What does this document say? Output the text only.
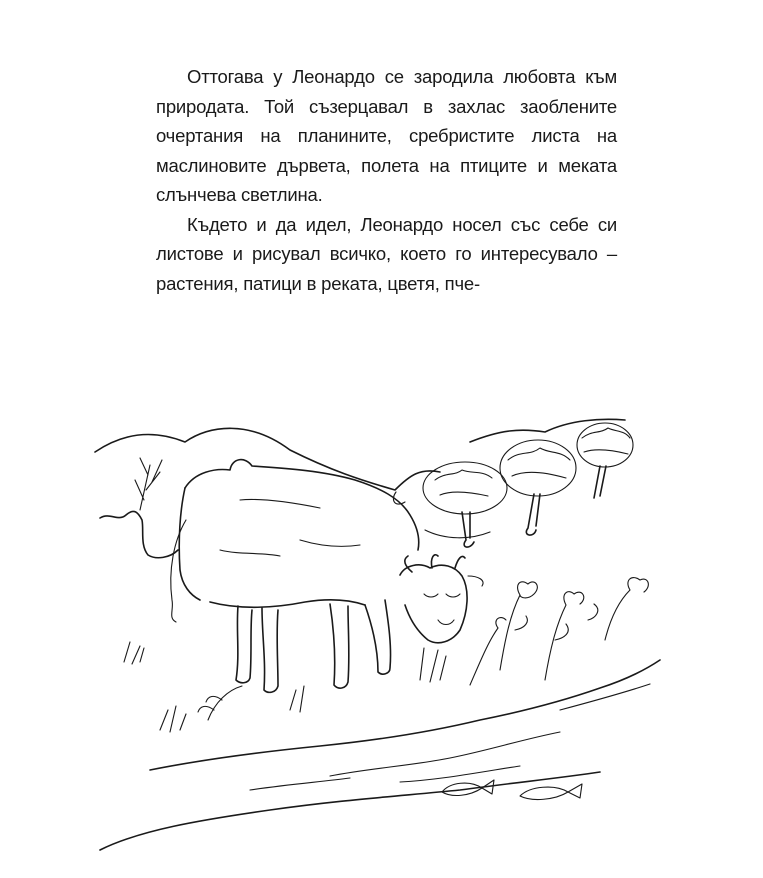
Оттогава у Леонардо се зародила любовта към природата. Той съзерцавал в захлас заоблените очертания на планините, сребристите листа на маслиновите дървета, полета на птиците и меката слънчева светлина.

Където и да идел, Леонардо носел със себе си листове и рисувал всичко, което го интересувало – растения, патици в реката, цветя, пче-
